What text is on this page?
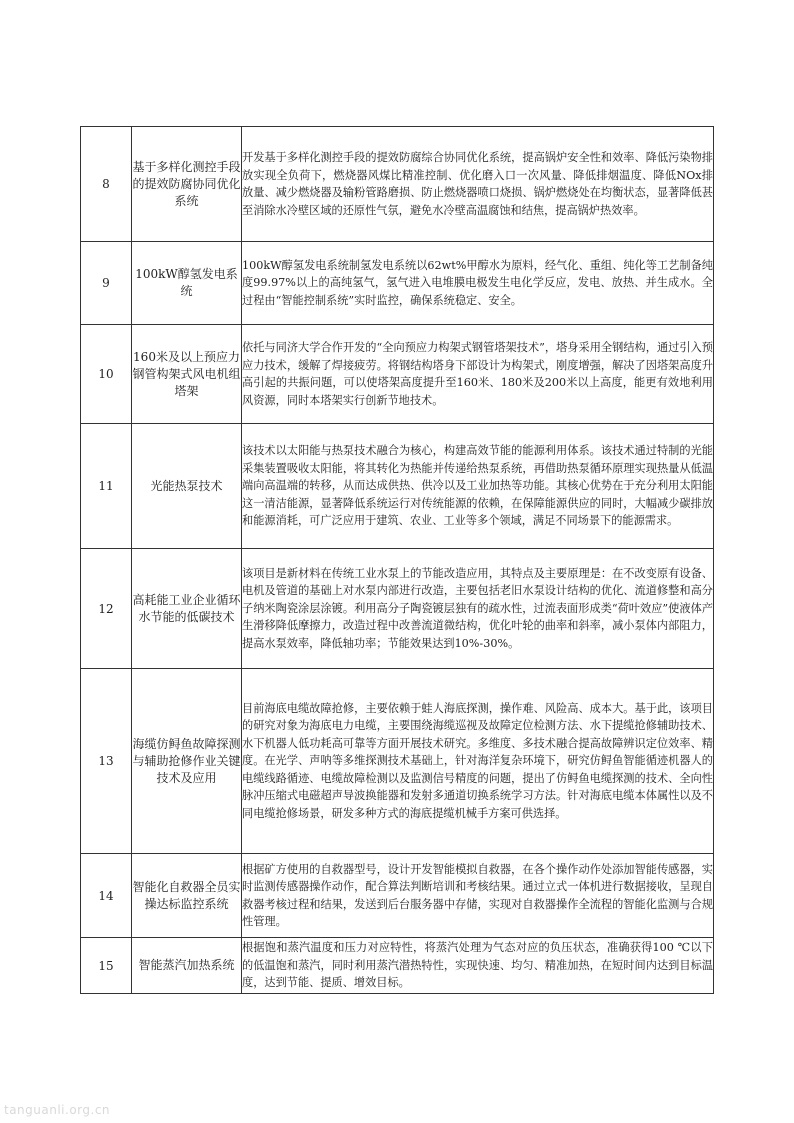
8	基于多样化测控手段的提效防腐协同优化系统	开发基于多样化测控手段的提效防腐综合协同优化系统，提高锅炉安全性和效率、降低污染物排放实现全负荷下，燃烧器风煤比精准控制、优化磨入口一次风量、降低排烟温度、降低NOx排放量、减少燃烧器及输粉管路磨损、防止燃烧器喷口烧损、锅炉燃烧处在均衡状态，显著降低甚至消除水冷壁区域的还原性气氛，避免水冷壁高温腐蚀和结焦，提高锅炉热效率。
9	100kW醇氢发电系统	100kW醇氢发电系统制氢发电系统以62wt%甲醇水为原料，经气化、重组、纯化等工艺制备纯度99.97%以上的高纯氢气，氢气进入电堆膜电极发生电化学反应，发电、放热、并生成水。全过程由“智能控制系统”实时监控，确保系统稳定、安全。
10	160米及以上预应力钢管构架式风电机组塔架	依托与同济大学合作开发的“全向预应力构架式钢管塔架技术”，塔身采用全钢结构，通过引入预应力技术，缓解了焊接疲劳。将钢结构塔身下部设计为构架式，刚度增强，解决了因塔架高度升高引起的共振问题，可以使塔架高度提升至160米、180米及200米以上高度，能更有效地利用风资源，同时本塔架实行创新节地技术。
11	光能热泵技术	该技术以太阳能与热泵技术融合为核心，构建高效节能的能源利用体系。该技术通过特制的光能采集装置吸收太阳能，将其转化为热能并传递给热泵系统，再借助热泵循环原理实现热量从低温端向高温端的转移，从而达成供热、供冷以及工业加热等功能。其核心优势在于充分利用太阳能这一清洁能源，显著降低系统运行对传统能源的依赖，在保障能源供应的同时，大幅减少碳排放和能源消耗，可广泛应用于建筑、农业、工业等多个领域，满足不同场景下的能源需求。
12	高耗能工业企业循环水节能的低碳技术	该项目是新材料在传统工业水泵上的节能改造应用，其特点及主要原理是：在不改变原有设备、电机及管道的基础上对水泵内部进行改造，主要包括老旧水泵设计结构的优化、流道修整和高分子纳米陶瓷涂层涂镀。利用高分子陶瓷镀层独有的疏水性，过流表面形成类“荷叶效应”使液体产生滑移降低摩擦力，改造过程中改善流道微结构，优化叶轮的曲率和斜率，减小泵体内部阻力，提高水泵效率，降低轴功率；节能效果达到10%-30%。
13	海缆仿鲟鱼故障探测与辅助抢修作业关键技术及应用	目前海底电缆故障抢修，主要依赖于蛙人海底探测，操作难、风险高、成本大。基于此，该项目的研究对象为海底电力电缆，主要围绕海缆巡视及故障定位检测方法、水下提缆抢修辅助技术、水下机器人低功耗高可靠等方面开展技术研究。多维度、多技术融合提高故障辨识定位效率、精度。在光学、声呐等多维探测技术基础上，针对海洋复杂环境下，研究仿鲟鱼智能循迹机器人的电缆线路循迹、电缆故障检测以及监测信号精度的问题，提出了仿鲟鱼电缆探测的技术、全向性脉冲压缩式电磁超声导波换能器和发射多通道切换系统学习方法。针对海底电缆本体属性以及不同电缆抢修场景，研发多种方式的海底提缆机械手方案可供选择。
14	智能化自救器全员实操达标监控系统	根据矿方使用的自救器型号，设计开发智能模拟自救器，在各个操作动作处添加智能传感器，实时监测传感器操作动作，配合算法判断培训和考核结果。通过立式一体机进行数据接收，呈现自救器考核过程和结果，发送到后台服务器中存储，实现对自救器操作全流程的智能化监测与合规性管理。
15	智能蒸汽加热系统	根据饱和蒸汽温度和压力对应特性，将蒸汽处理为气态对应的负压状态，准确获得100 ℃以下的低温饱和蒸汽，同时利用蒸汽潜热特性，实现快速、均匀、精准加热，在短时间内达到目标温度，达到节能、提质、增效目标。
tanguanli.org.cn
